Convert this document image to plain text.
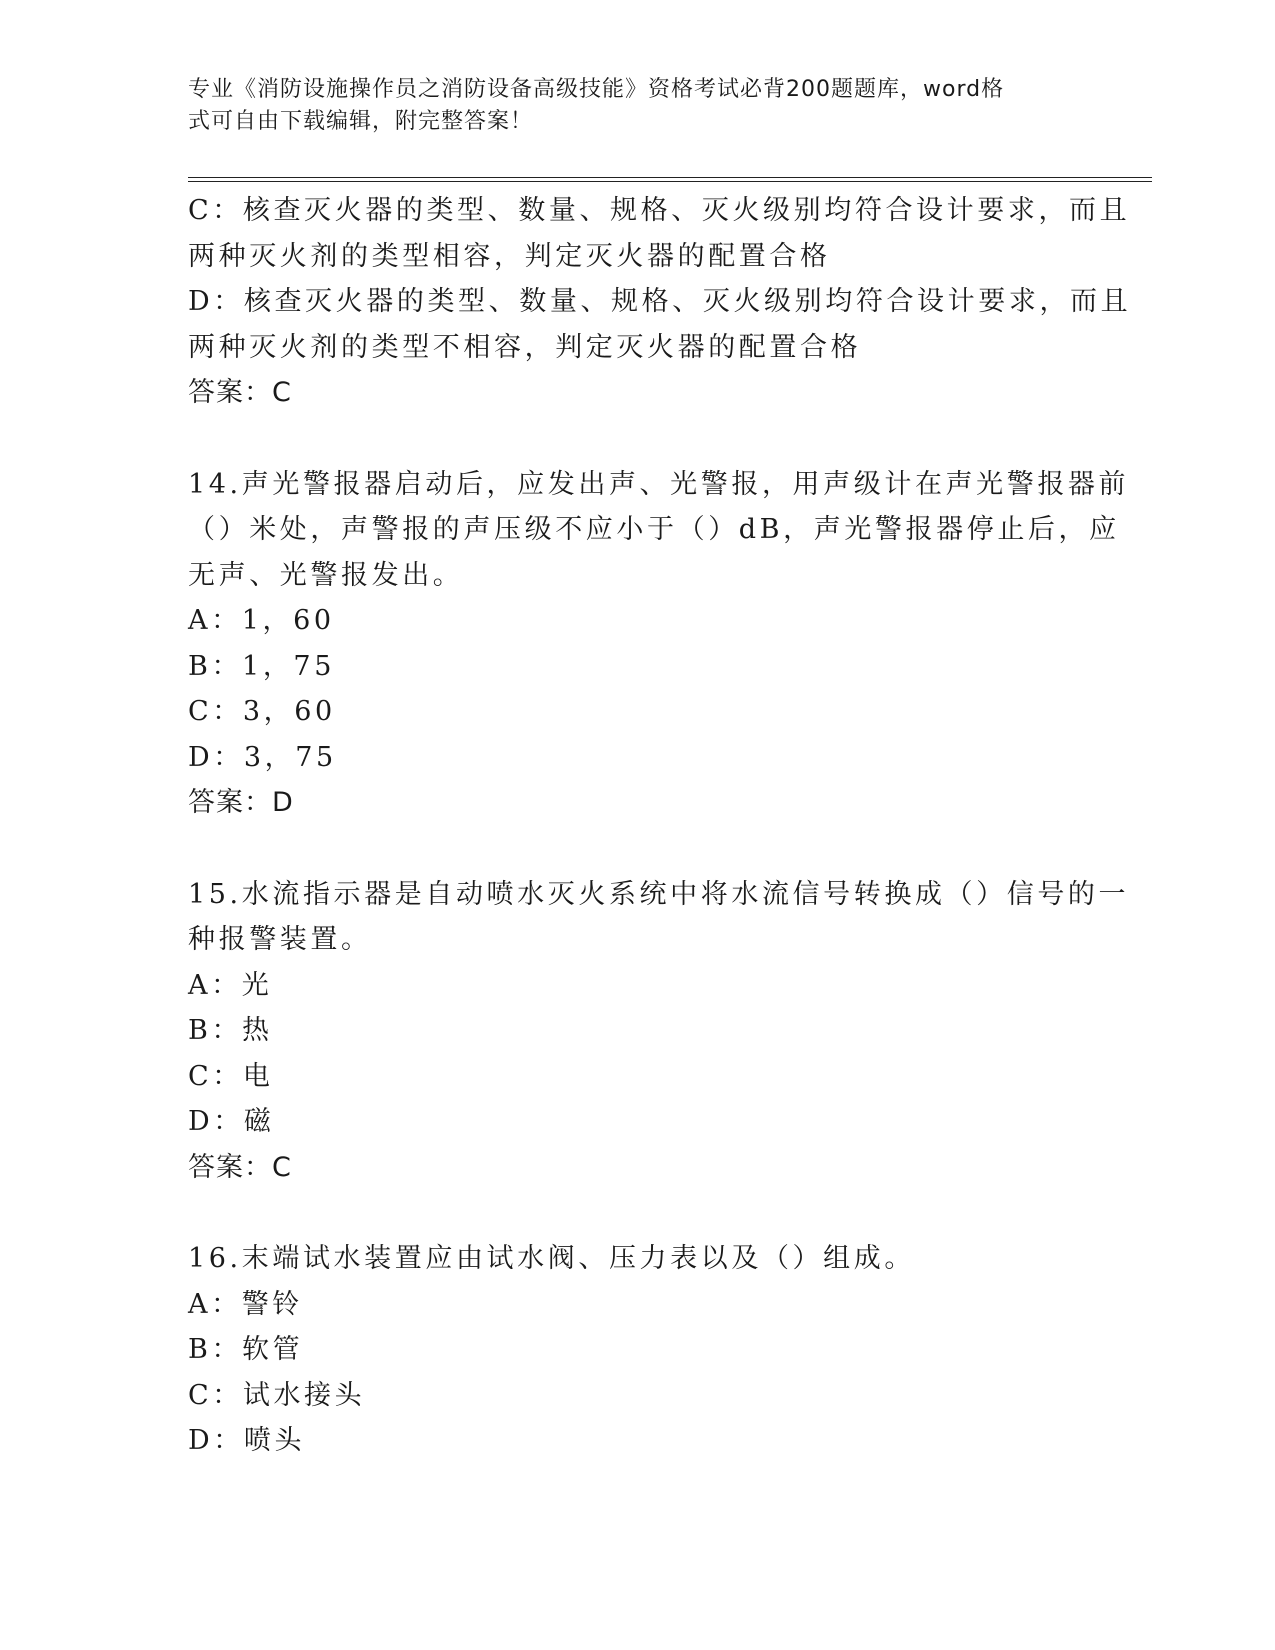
专业《消防设施操作员之消防设备高级技能》资格考试必背200题题库，word格
式可自由下载编辑，附完整答案！
C：核查灭火器的类型、数量、规格、灭火级别均符合设计要求，而且
两种灭火剂的类型相容，判定灭火器的配置合格
D：核查灭火器的类型、数量、规格、灭火级别均符合设计要求，而且
两种灭火剂的类型不相容，判定灭火器的配置合格
答案：C
14.声光警报器启动后，应发出声、光警报，用声级计在声光警报器前
（）米处，声警报的声压级不应小于（）dB，声光警报器停止后，应
无声、光警报发出。
A：1，60
B：1，75
C：3，60
D：3，75
答案：D
15.水流指示器是自动喷水灭火系统中将水流信号转换成（）信号的一
种报警装置。
A：光
B：热
C：电
D：磁
答案：C
16.末端试水装置应由试水阀、压力表以及（）组成。
A：警铃
B：软管
C：试水接头
D：喷头
